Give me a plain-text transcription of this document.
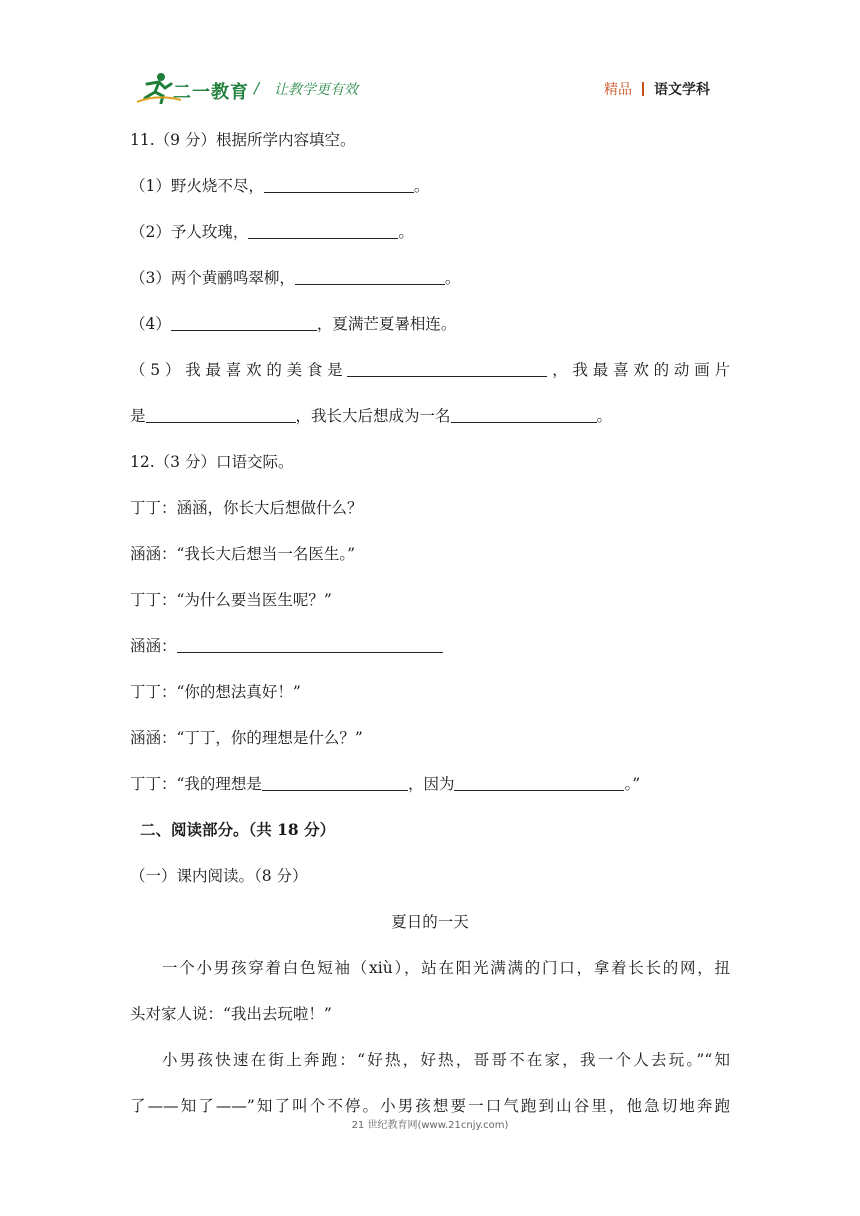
二一教育 / 让教学更有效	精品 语文学科
11.（9 分）根据所学内容填空。
（1）野火烧不尽，	。
（2）予人玫瑰，	。
（3）两个黄鹂鸣翠柳，	。
（4）	，夏满芒夏暑相连。
（5）我最喜欢的美食是	，我最喜欢的动画片
是	，我长大后想成为一名	。
12.（3 分）口语交际。
丁丁：涵涵，你长大后想做什么？
涵涵：“我长大后想当一名医生。”
丁丁：“为什么要当医生呢？”
涵涵：
丁丁：“你的想法真好！”
涵涵：“丁丁，你的理想是什么？”
丁丁：“我的理想是	，因为	。”
二、阅读部分。（共 18 分）
（一）课内阅读。（8 分）
夏日的一天
一个小男孩穿着白色短袖（xiù），站在阳光满满的门口，拿着长长的网，扭
头对家人说：“我出去玩啦！”
小男孩快速在街上奔跑：“好热，好热，哥哥不在家，我一个人去玩。”“知
了——知了——”知了叫个不停。小男孩想要一口气跑到山谷里，他急切地奔跑
21 世纪教育网(www.21cnjy.com)
